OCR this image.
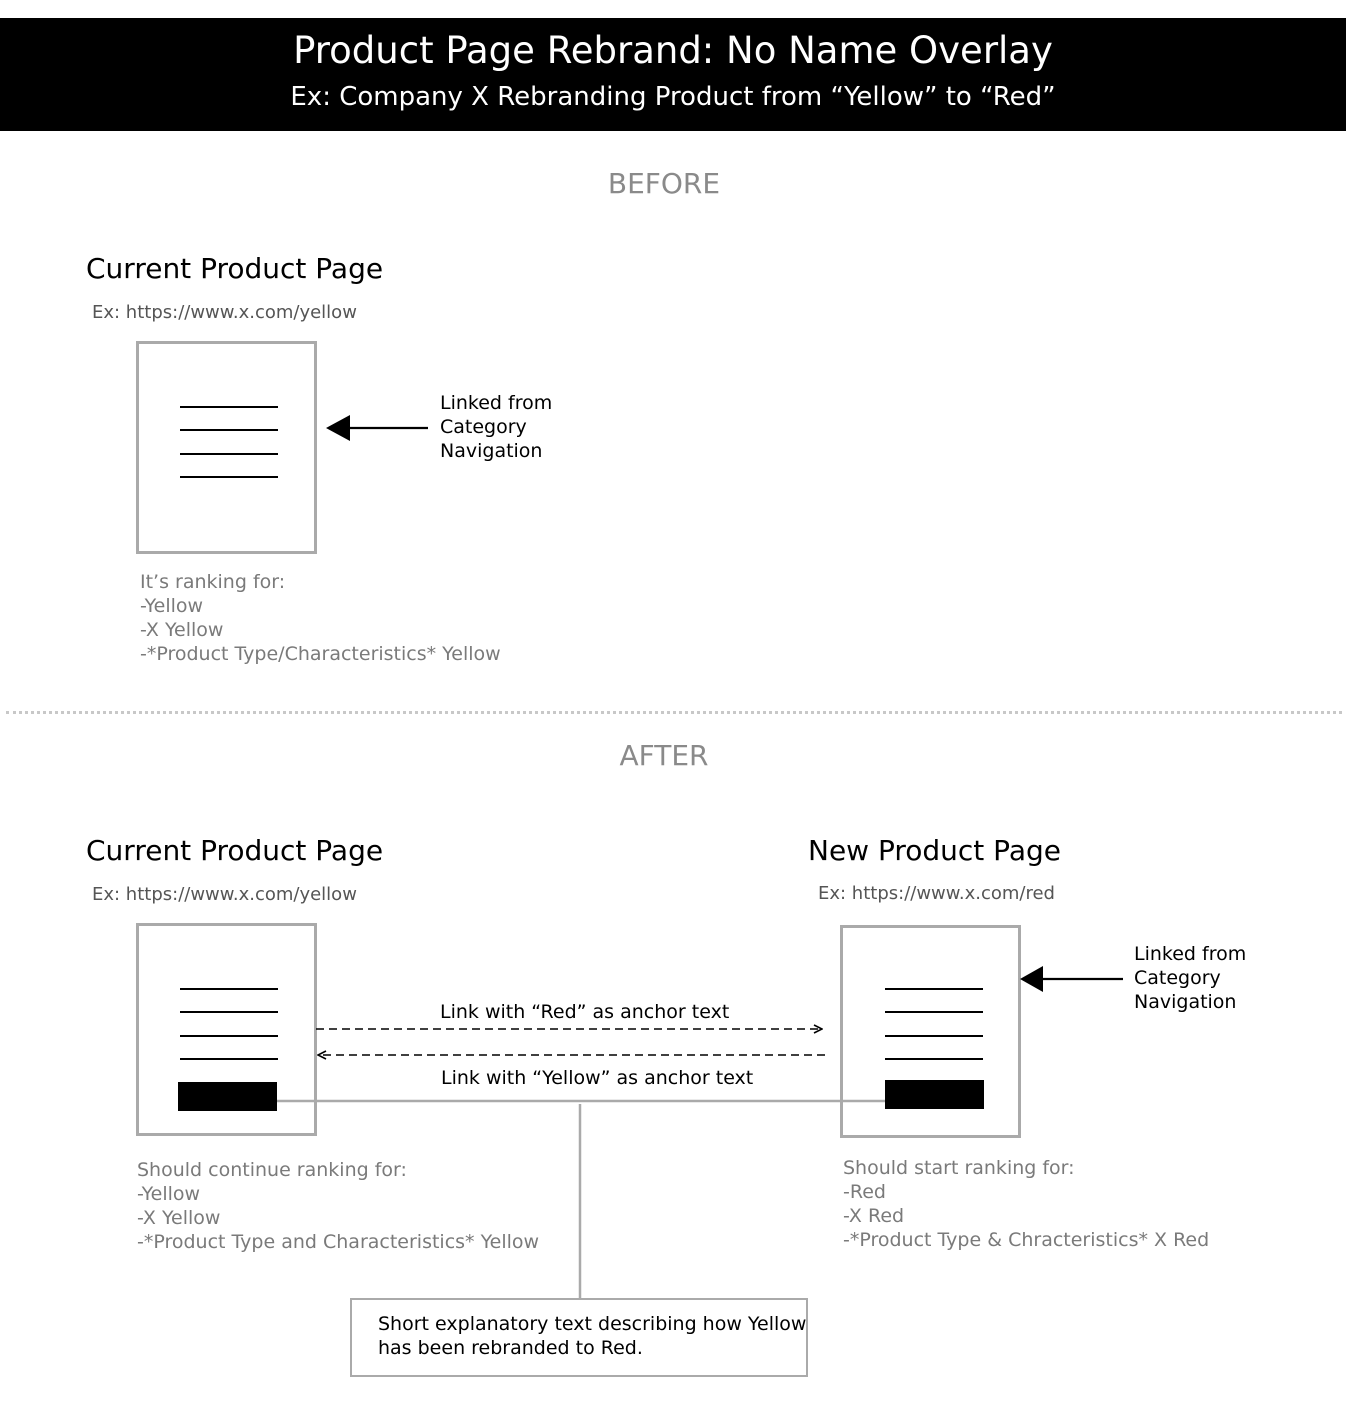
Product Page Rebrand: No Name Overlay
Ex: Company X Rebranding Product from “Yellow” to “Red”
BEFORE
Current Product Page
Ex: https://www.x.com/yellow
Linked from
Category
Navigation
It’s ranking for:
-Yellow
-X Yellow
-*Product Type/Characteristics* Yellow
AFTER
Current Product Page
Ex: https://www.x.com/yellow
New Product Page
Ex: https://www.x.com/red
Linked from
Category
Navigation
Link with “Red” as anchor text
Link with “Yellow” as anchor text
Should continue ranking for:
-Yellow
-X Yellow
-*Product Type and Characteristics* Yellow
Should start ranking for:
-Red
-X Red
-*Product Type & Chracteristics* X Red
Short explanatory text describing how Yellow
has been rebranded to Red.
